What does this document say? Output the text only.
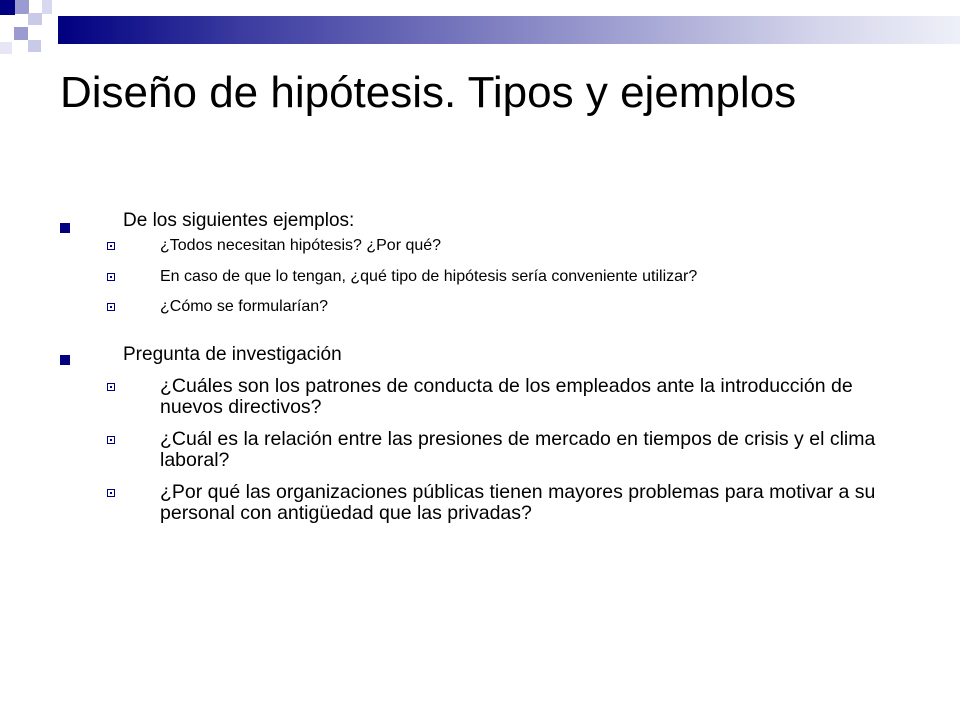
Diseño de hipótesis. Tipos y ejemplos
De los siguientes ejemplos:
¿Todos necesitan hipótesis? ¿Por qué?
En caso de que lo tengan, ¿qué tipo de hipótesis sería conveniente utilizar?
¿Cómo se formularían?
Pregunta de investigación
¿Cuáles son los patrones de conducta de los empleados ante la introducción de nuevos directivos?
¿Cuál es la relación entre las presiones de mercado en tiempos de crisis y el clima laboral?
¿Por qué las organizaciones públicas tienen mayores problemas para motivar a su personal con antigüedad que las privadas?
